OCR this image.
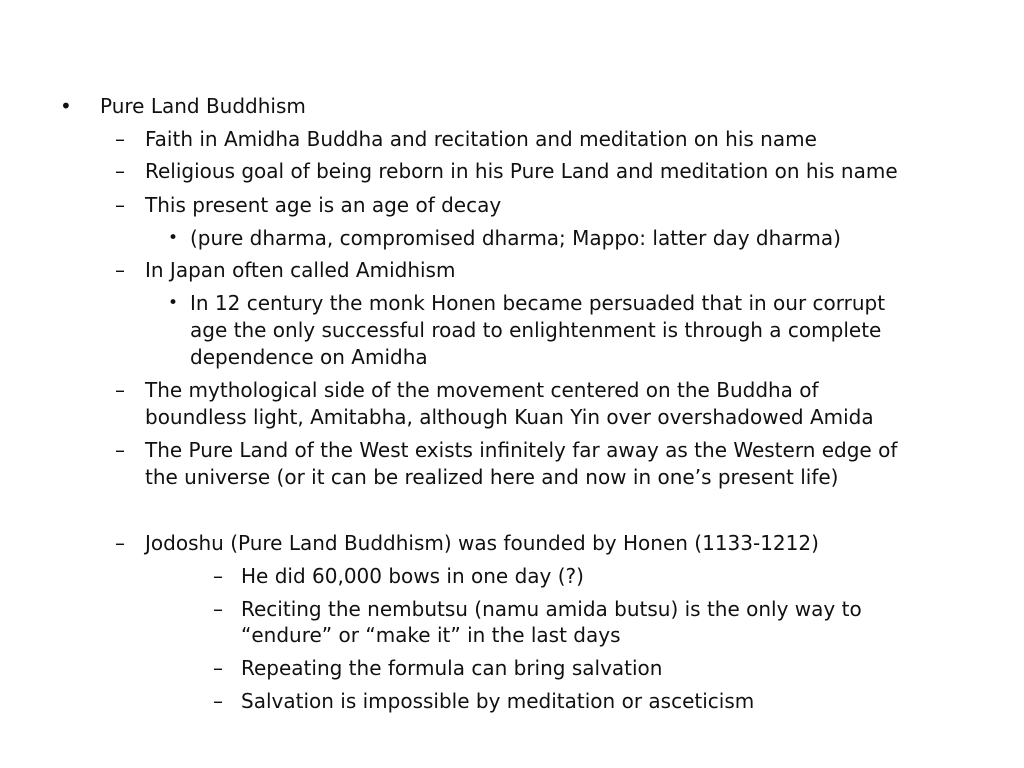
• Pure Land Buddhism
– Faith in Amidha Buddha and recitation and meditation on his name
– Religious goal of being reborn in his Pure Land and meditation on his name
– This present age is an age of decay
• (pure dharma, compromised dharma; Mappo: latter day dharma)
– In Japan often called Amidhism
• In 12 century the monk Honen became persuaded that in our corrupt
age the only successful road to enlightenment is through a complete
dependence on Amidha
– The mythological side of the movement centered on the Buddha of
boundless light, Amitabha, although Kuan Yin over overshadowed Amida
– The Pure Land of the West exists infinitely far away as the Western edge of
the universe (or it can be realized here and now in one’s present life)
– Jodoshu (Pure Land Buddhism) was founded by Honen (1133-1212)
– He did 60,000 bows in one day (?)
– Reciting the nembutsu (namu amida butsu) is the only way to
“endure” or “make it” in the last days
– Repeating the formula can bring salvation
– Salvation is impossible by meditation or asceticism
